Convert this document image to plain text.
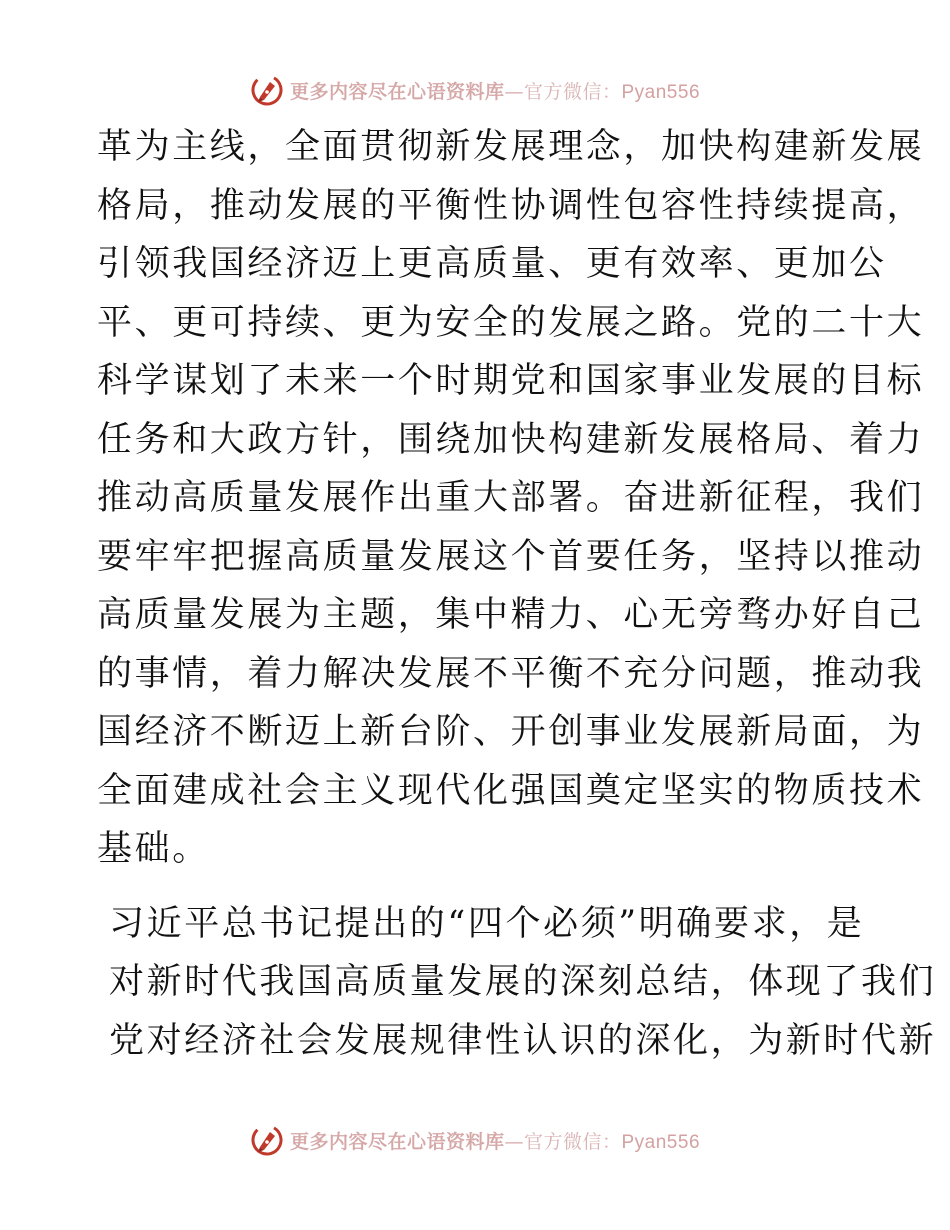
更多内容尽在心语资料库—官方微信：Pyan556

革为主线，全面贯彻新发展理念，加快构建新发展
格局，推动发展的平衡性协调性包容性持续提高，
引领我国经济迈上更高质量、更有效率、更加公
平、更可持续、更为安全的发展之路。党的二十大
科学谋划了未来一个时期党和国家事业发展的目标
任务和大政方针，围绕加快构建新发展格局、着力
推动高质量发展作出重大部署。奋进新征程，我们
要牢牢把握高质量发展这个首要任务，坚持以推动
高质量发展为主题，集中精力、心无旁骛办好自己
的事情，着力解决发展不平衡不充分问题，推动我
国经济不断迈上新台阶、开创事业发展新局面，为
全面建成社会主义现代化强国奠定坚实的物质技术
基础。

习近平总书记提出的“四个必须”明确要求，是
对新时代我国高质量发展的深刻总结，体现了我们
党对经济社会发展规律性认识的深化，为新时代新

更多内容尽在心语资料库—官方微信：Pyan556
